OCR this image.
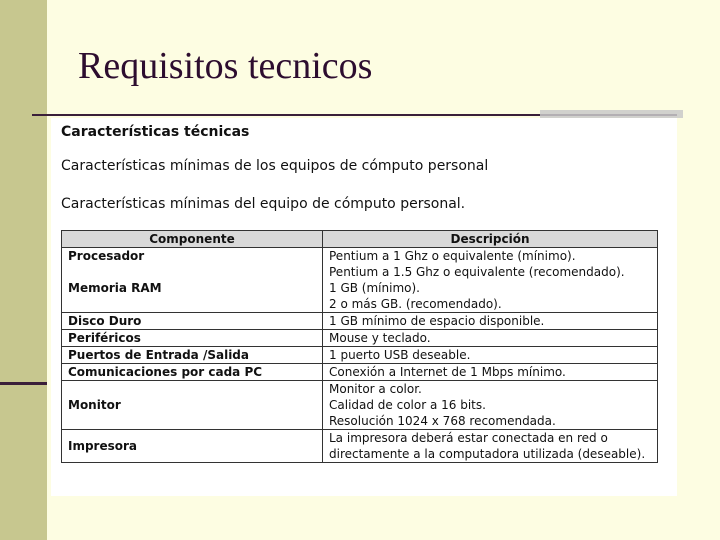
Requisitos tecnicos
Características técnicas
Características mínimas de los equipos de cómputo personal
Características mínimas del equipo de cómputo personal.
Componente	Descripción

Procesador	Pentium a 1 Ghz o equivalente (mínimo).
Pentium a 1.5 Ghz o equivalente (recomendado).

Memoria RAM	1 GB (mínimo).
2 o más GB. (recomendado).

Disco Duro	1 GB mínimo de espacio disponible.
Periféricos	Mouse y teclado.
Puertos de Entrada /Salida	1 puerto USB deseable.
Comunicaciones por cada PC	Conexión a Internet de 1 Mbps mínimo.
Monitor	Monitor a color.
Calidad de color a 16 bits.
Resolución 1024 x 768 recomendada.

Impresora	La impresora deberá estar conectada en red o directamente a la computadora utilizada (deseable).
